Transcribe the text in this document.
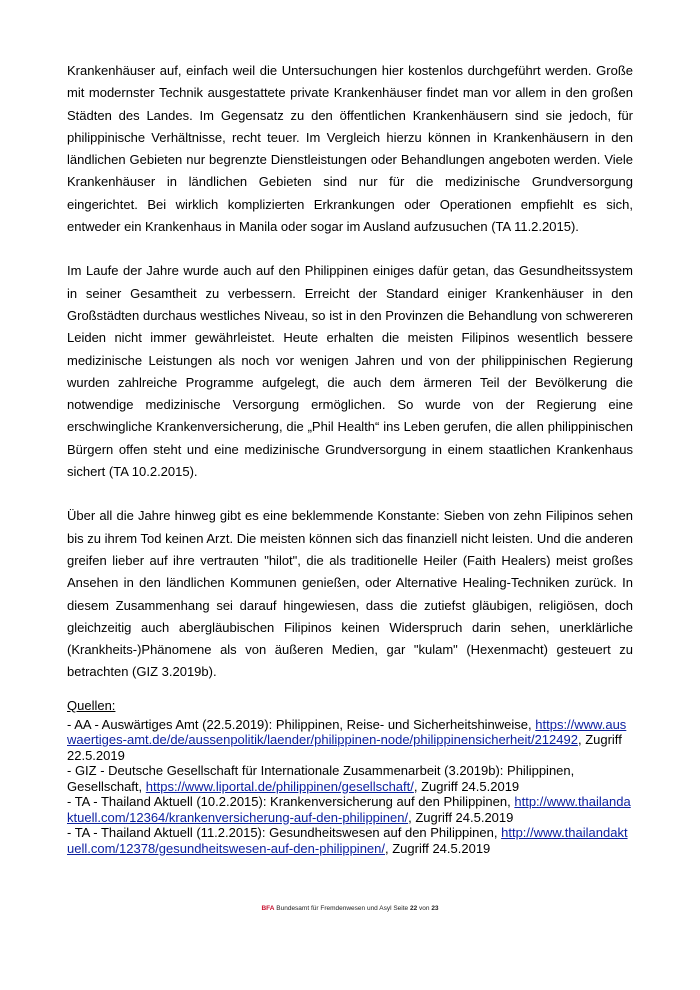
Krankenhäuser auf, einfach weil die Untersuchungen hier kostenlos durchgeführt werden. Große mit modernster Technik ausgestattete private Krankenhäuser findet man vor allem in den großen Städten des Landes. Im Gegensatz zu den öffentlichen Krankenhäusern sind sie jedoch, für philippinische Verhältnisse, recht teuer. Im Vergleich hierzu können in Krankenhäusern in den ländlichen Gebieten nur begrenzte Dienstleistungen oder Behandlungen angeboten werden. Viele Krankenhäuser in ländlichen Gebieten sind nur für die medizinische Grundversorgung eingerichtet. Bei wirklich komplizierten Erkrankungen oder Operationen empfiehlt es sich, entweder ein Krankenhaus in Manila oder sogar im Ausland aufzusuchen (TA 11.2.2015).

Im Laufe der Jahre wurde auch auf den Philippinen einiges dafür getan, das Gesundheitssystem in seiner Gesamtheit zu verbessern. Erreicht der Standard einiger Krankenhäuser in den Großstädten durchaus westliches Niveau, so ist in den Provinzen die Behandlung von schwereren Leiden nicht immer gewährleistet. Heute erhalten die meisten Filipinos wesentlich bessere medizinische Leistungen als noch vor wenigen Jahren und von der philippinischen Regierung wurden zahlreiche Programme aufgelegt, die auch dem ärmeren Teil der Bevölkerung die notwendige medizinische Versorgung ermöglichen. So wurde von der Regierung eine erschwingliche Krankenversicherung, die „Phil Health“ ins Leben gerufen, die allen philippinischen Bürgern offen steht und eine medizinische Grundversorgung in einem staatlichen Krankenhaus sichert (TA 10.2.2015).

Über all die Jahre hinweg gibt es eine beklemmende Konstante: Sieben von zehn Filipinos sehen bis zu ihrem Tod keinen Arzt. Die meisten können sich das finanziell nicht leisten. Und die anderen greifen lieber auf ihre vertrauten "hilot", die als traditionelle Heiler (Faith Healers) meist großes Ansehen in den ländlichen Kommunen genießen, oder Alternative Healing-Techniken zurück. In diesem Zusammenhang sei darauf hingewiesen, dass die zutiefst gläubigen, religiösen, doch gleichzeitig auch abergläubischen Filipinos keinen Widerspruch darin sehen, unerklärliche (Krankheits-)Phänomene als von äußeren Medien, gar "kulam" (Hexenmacht) gesteuert zu betrachten (GIZ 3.2019b).

Quellen:

- AA - Auswärtiges Amt (22.5.2019): Philippinen, Reise- und Sicherheitshinweise, https://www.auswaertiges-amt.de/de/aussenpolitik/laender/philippinen-node/philippinensicherheit/212492, Zugriff 22.5.2019

- GIZ - Deutsche Gesellschaft für Internationale Zusammenarbeit (3.2019b): Philippinen, Gesellschaft, https://www.liportal.de/philippinen/gesellschaft/, Zugriff 24.5.2019

- TA - Thailand Aktuell (10.2.2015): Krankenversicherung auf den Philippinen, http://www.thailandaktuell.com/12364/krankenversicherung-auf-den-philippinen/, Zugriff 24.5.2019

- TA - Thailand Aktuell (11.2.2015): Gesundheitswesen auf den Philippinen, http://www.thailandaktuell.com/12378/gesundheitswesen-auf-den-philippinen/, Zugriff 24.5.2019

BFA Bundesamt für Fremdenwesen und Asyl Seite 22 von 23
